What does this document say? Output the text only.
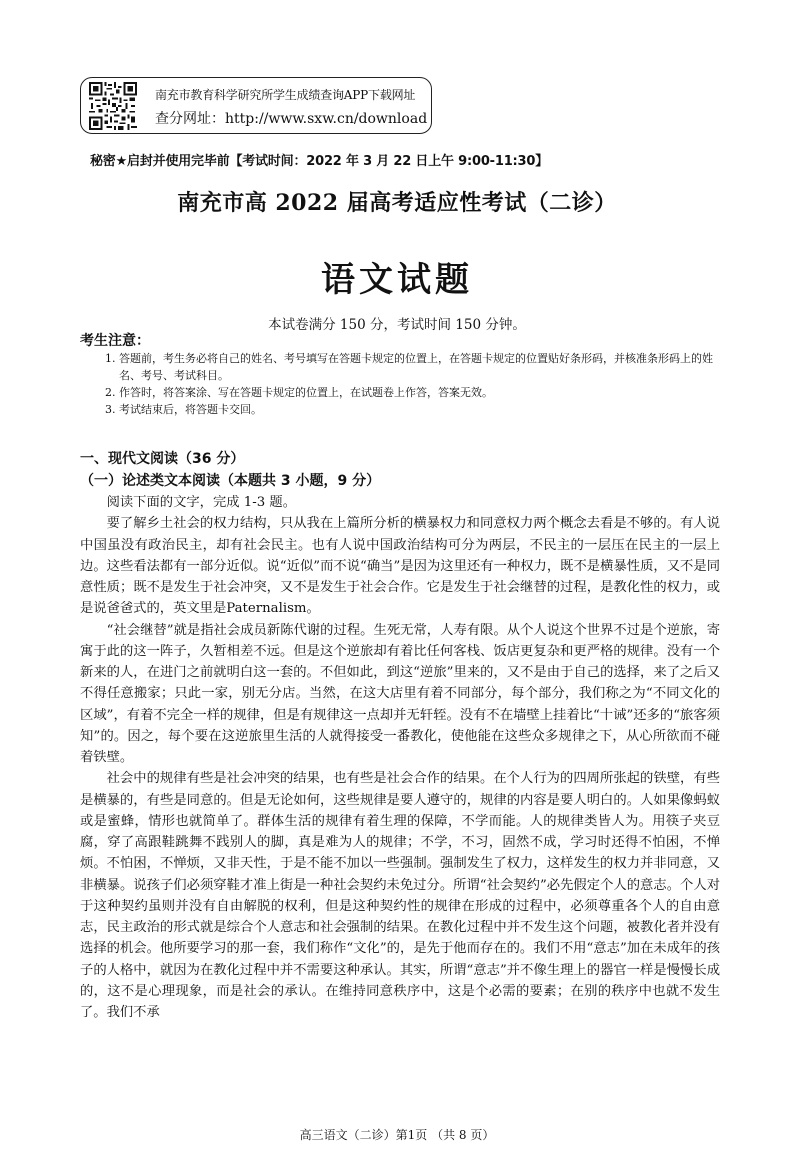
南充市教育科学研究所学生成绩查询APP下载网址
查分网址：http://www.sxw.cn/download
秘密★启封并使用完毕前【考试时间：2022 年 3 月 22 日上午 9:00-11:30】
南充市高 2022 届高考适应性考试（二诊）
语文试题
本试卷满分 150 分，考试时间 150 分钟。
考生注意：
1. 答题前，考生务必将自己的姓名、考号填写在答题卡规定的位置上，在答题卡规定的位置贴好条形码，并核准条形码上的姓名、考号、考试科目。
2. 作答时，将答案涂、写在答题卡规定的位置上，在试题卷上作答，答案无效。
3. 考试结束后，将答题卡交回。
一、现代文阅读（36 分）
（一）论述类文本阅读（本题共 3 小题，9 分）

阅读下面的文字，完成 1-3 题。

要了解乡土社会的权力结构，只从我在上篇所分析的横暴权力和同意权力两个概念去看是不够的。有人说中国虽没有政治民主，却有社会民主。也有人说中国政治结构可分为两层，不民主的一层压在民主的一层上边。这些看法都有一部分近似。说“近似”而不说“确当”是因为这里还有一种权力，既不是横暴性质，又不是同意性质；既不是发生于社会冲突，又不是发生于社会合作。它是发生于社会继替的过程，是教化性的权力，或是说爸爸式的，英文里是Paternalism。

“社会继替”就是指社会成员新陈代谢的过程。生死无常，人寿有限。从个人说这个世界不过是个逆旅，寄寓于此的这一阵子，久暂相差不远。但是这个逆旅却有着比任何客栈、饭店更复杂和更严格的规律。没有一个新来的人，在进门之前就明白这一套的。不但如此，到这“逆旅”里来的，又不是由于自己的选择，来了之后又不得任意搬家；只此一家，别无分店。当然，在这大店里有着不同部分，每个部分，我们称之为“不同文化的区域”，有着不完全一样的规律，但是有规律这一点却并无轩轾。没有不在墙壁上挂着比“十诫”还多的“旅客须知”的。因之，每个要在这逆旅里生活的人就得接受一番教化，使他能在这些众多规律之下，从心所欲而不碰着铁壁。

社会中的规律有些是社会冲突的结果，也有些是社会合作的结果。在个人行为的四周所张起的铁壁，有些是横暴的，有些是同意的。但是无论如何，这些规律是要人遵守的，规律的内容是要人明白的。人如果像蚂蚁或是蜜蜂，情形也就简单了。群体生活的规律有着生理的保障，不学而能。人的规律类皆人为。用筷子夹豆腐，穿了高跟鞋跳舞不践别人的脚，真是难为人的规律；不学，不习，固然不成，学习时还得不怕困，不惮烦。不怕困，不惮烦，又非天性，于是不能不加以一些强制。强制发生了权力，这样发生的权力并非同意，又非横暴。说孩子们必须穿鞋才准上街是一种社会契约未免过分。所谓“社会契约”必先假定个人的意志。个人对于这种契约虽则并没有自由解脱的权利，但是这种契约性的规律在形成的过程中，必须尊重各个人的自由意志，民主政治的形式就是综合个人意志和社会强制的结果。在教化过程中并不发生这个问题，被教化者并没有选择的机会。他所要学习的那一套，我们称作“文化”的，是先于他而存在的。我们不用“意志”加在未成年的孩子的人格中，就因为在教化过程中并不需要这种承认。其实，所谓“意志”并不像生理上的器官一样是慢慢长成的，这不是心理现象，而是社会的承认。在维持同意秩序中，这是个必需的要素；在别的秩序中也就不发生了。我们不承

高三语文（二诊）第1页 （共 8 页）
